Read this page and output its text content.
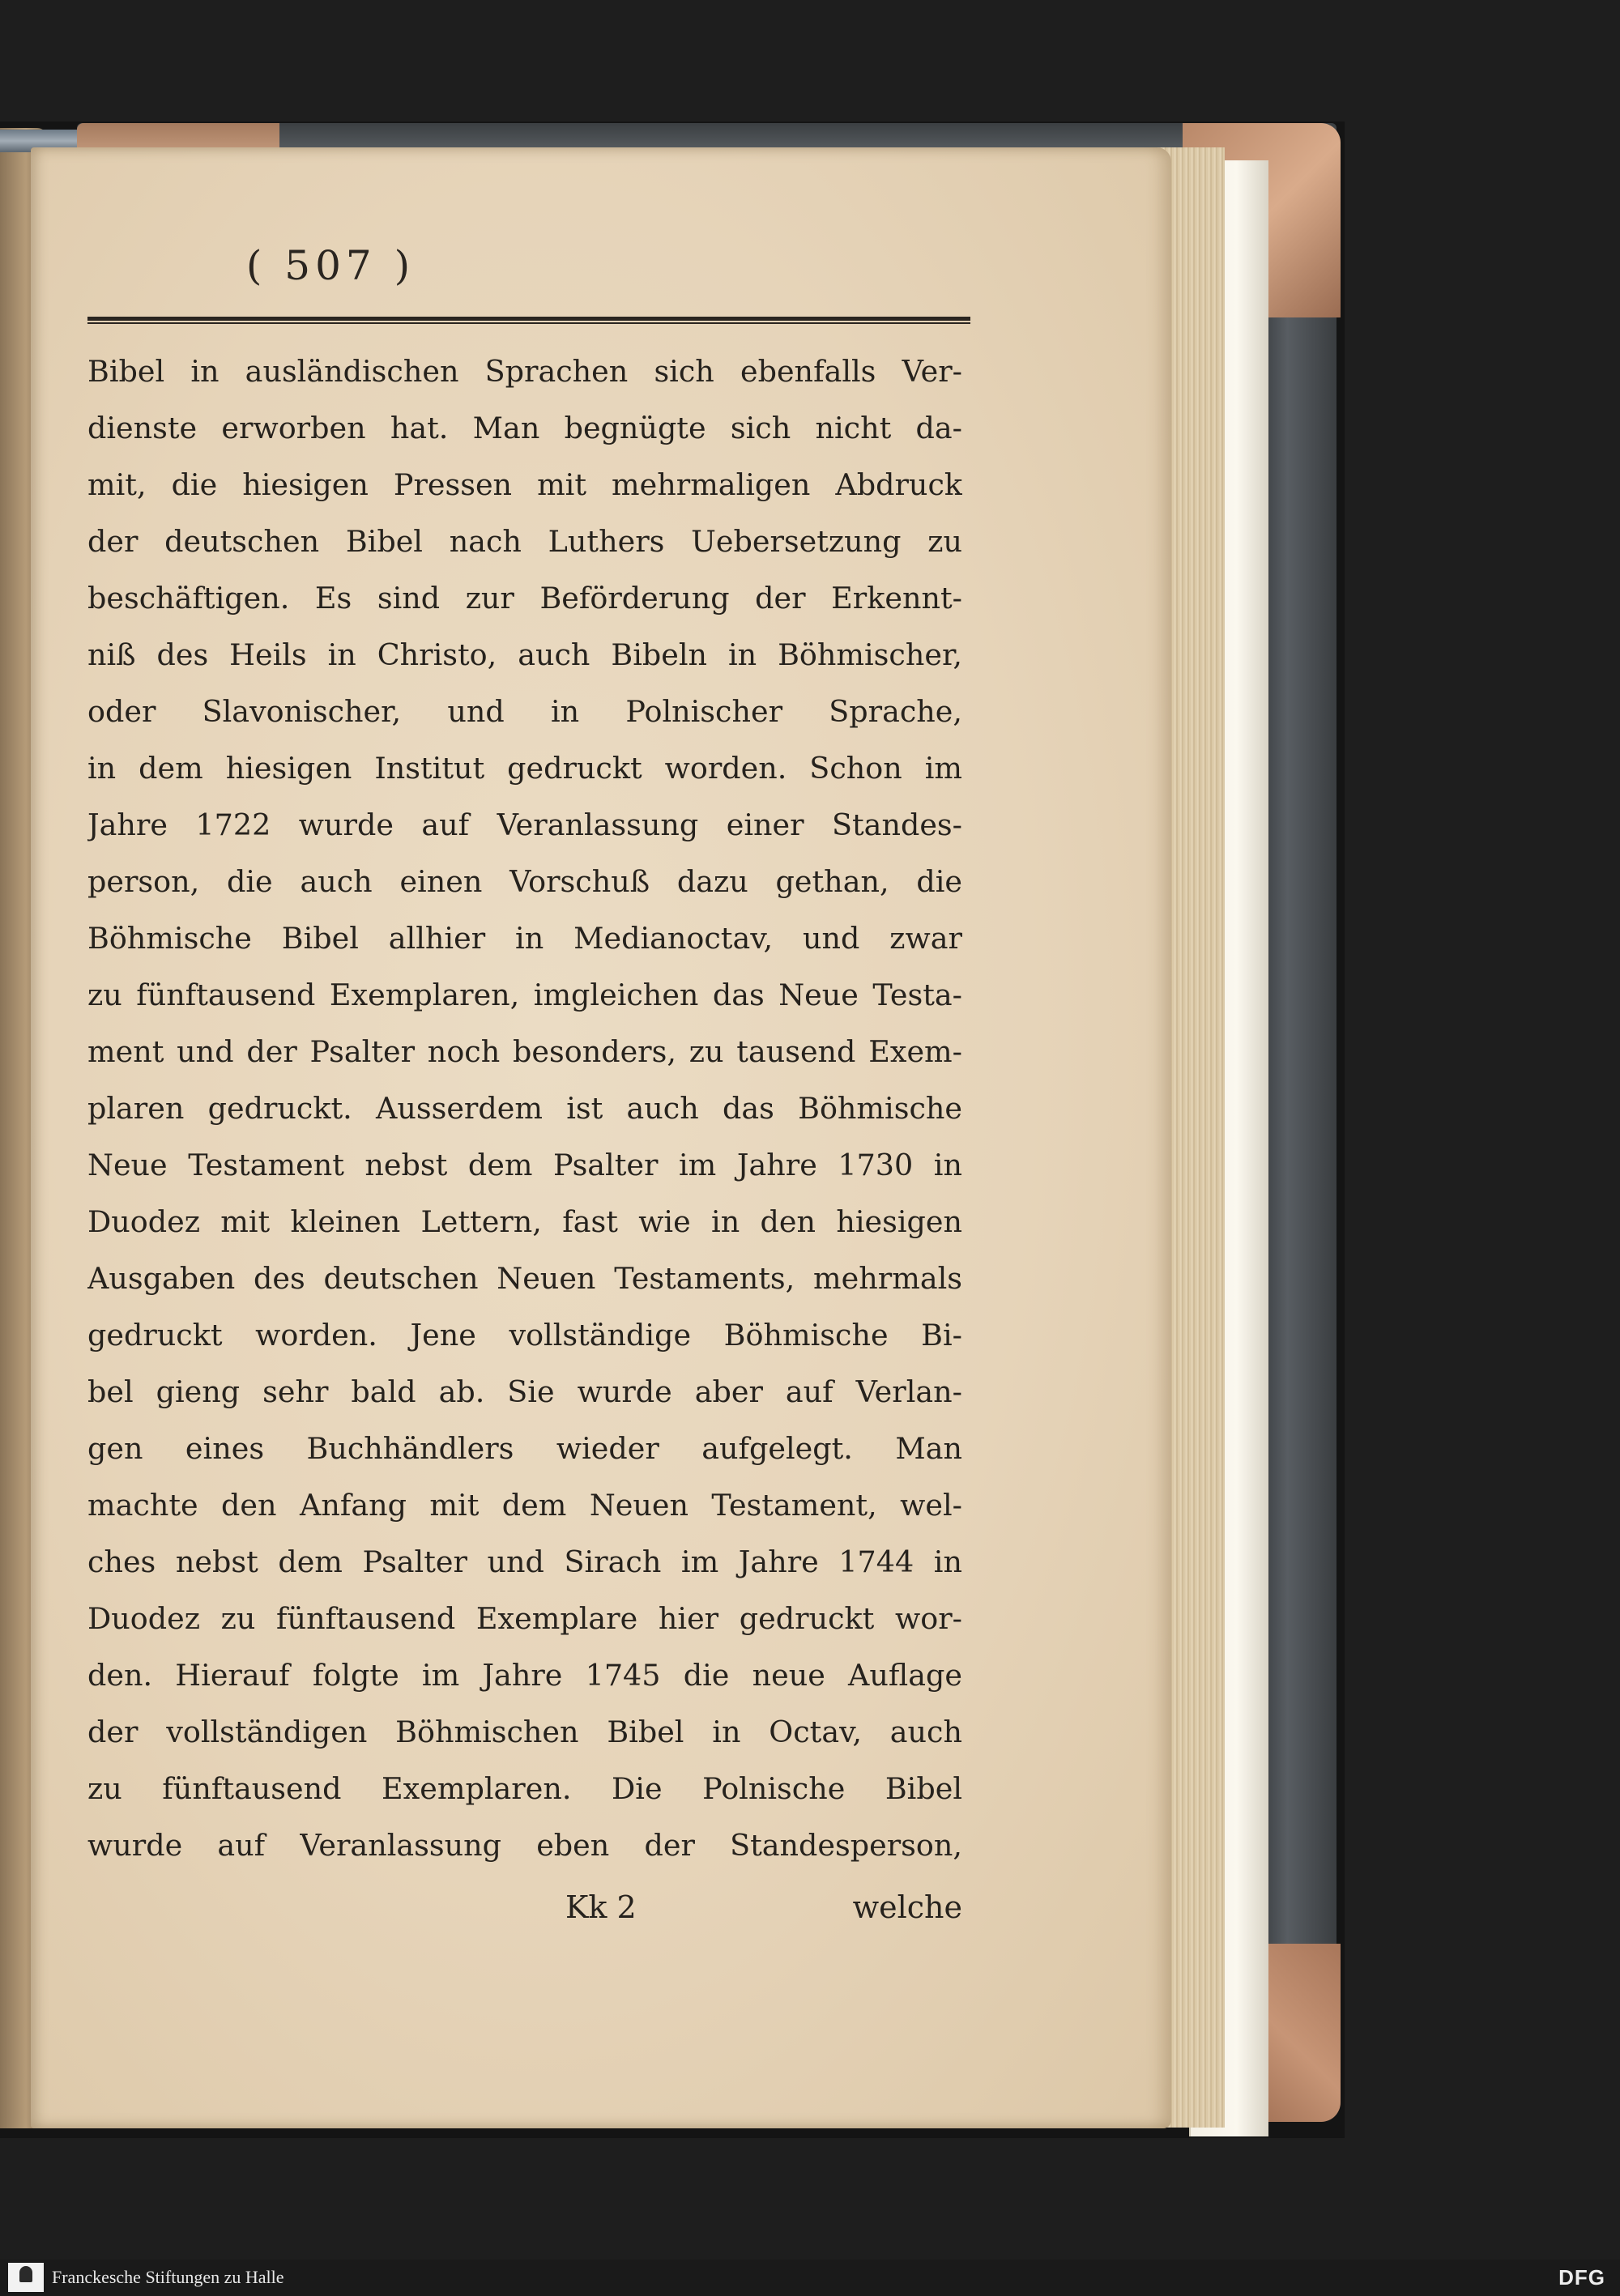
( 507 )
Bibel in ausländischen Sprachen sich ebenfalls Ver-
dienste erworben hat. Man begnügte sich nicht da-
mit, die hiesigen Pressen mit mehrmaligen Abdruck
der deutschen Bibel nach Luthers Uebersetzung zu
beschäftigen. Es sind zur Beförderung der Erkennt-
niß des Heils in Christo, auch Bibeln in Böhmischer,
oder Slavonischer, und in Polnischer Sprache,
in dem hiesigen Institut gedruckt worden. Schon im
Jahre 1722 wurde auf Veranlassung einer Standes-
person, die auch einen Vorschuß dazu gethan, die
Böhmische Bibel allhier in Medianoctav, und zwar
zu fünftausend Exemplaren, imgleichen das Neue Testa-
ment und der Psalter noch besonders, zu tausend Exem-
plaren gedruckt. Ausserdem ist auch das Böhmische
Neue Testament nebst dem Psalter im Jahre 1730 in
Duodez mit kleinen Lettern, fast wie in den hiesigen
Ausgaben des deutschen Neuen Testaments, mehrmals
gedruckt worden. Jene vollständige Böhmische Bi-
bel gieng sehr bald ab. Sie wurde aber auf Verlan-
gen eines Buchhändlers wieder aufgelegt. Man
machte den Anfang mit dem Neuen Testament, wel-
ches nebst dem Psalter und Sirach im Jahre 1744 in
Duodez zu fünftausend Exemplare hier gedruckt wor-
den. Hierauf folgte im Jahre 1745 die neue Auflage
der vollständigen Böhmischen Bibel in Octav, auch
zu fünftausend Exemplaren. Die Polnische Bibel
wurde auf Veranlassung eben der Standesperson,
Kk 2	welche
Franckesche Stiftungen zu Halle	DFG
